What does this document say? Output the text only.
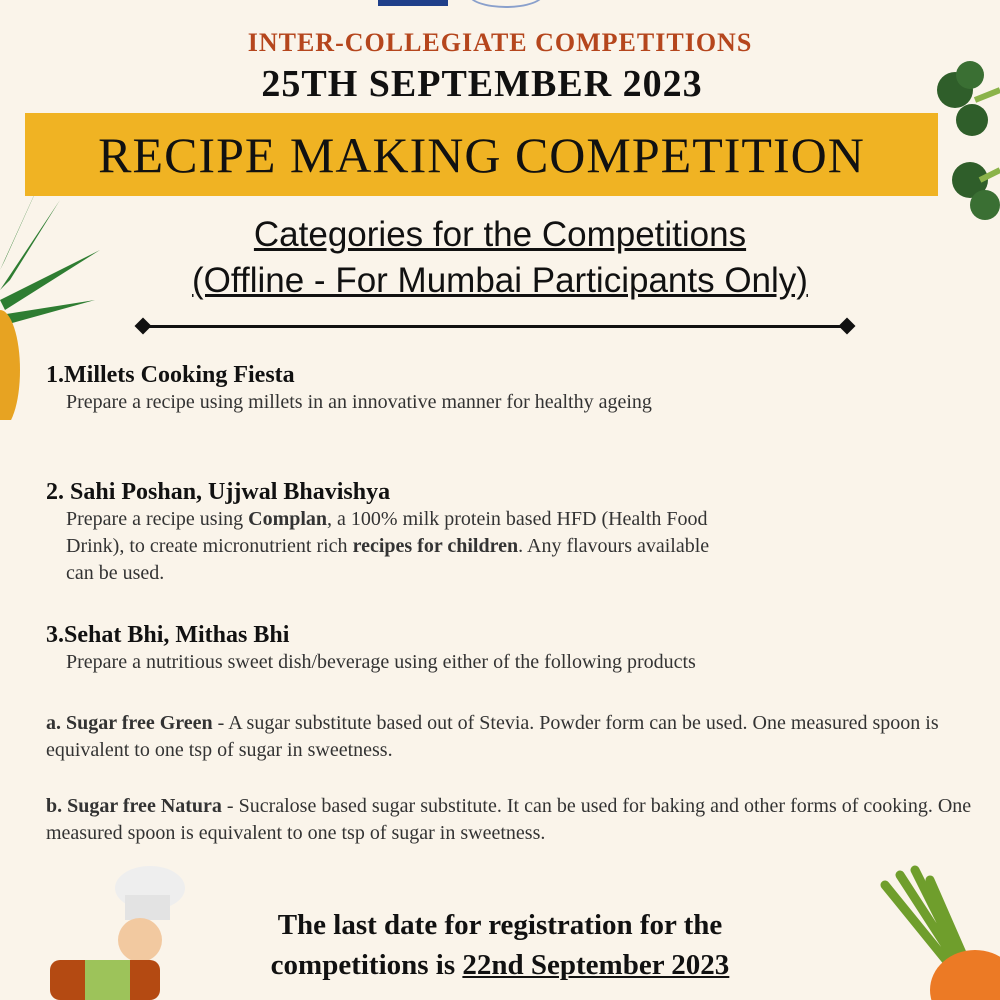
INTER-COLLEGIATE COMPETITIONS
25TH SEPTEMBER 2023
RECIPE MAKING COMPETITION
Categories for the Competitions
(Offline - For Mumbai Participants Only)
1.Millets Cooking Fiesta
Prepare a recipe using millets in an innovative manner for healthy ageing
2. Sahi Poshan, Ujjwal Bhavishya
Prepare a recipe using Complan, a 100% milk protein based HFD (Health Food Drink), to create micronutrient rich recipes for children. Any flavours available can be used.
3.Sehat Bhi, Mithas Bhi
Prepare a nutritious sweet dish/beverage using either of the following products
a. Sugar free Green - A sugar substitute based out of Stevia. Powder form can be used. One measured spoon is equivalent to one tsp of sugar in sweetness.
b. Sugar free Natura - Sucralose based sugar substitute. It can be used for baking and other forms of cooking. One measured spoon is equivalent to one tsp of sugar in sweetness.
The last date for registration for the
competitions is 22nd September 2023
